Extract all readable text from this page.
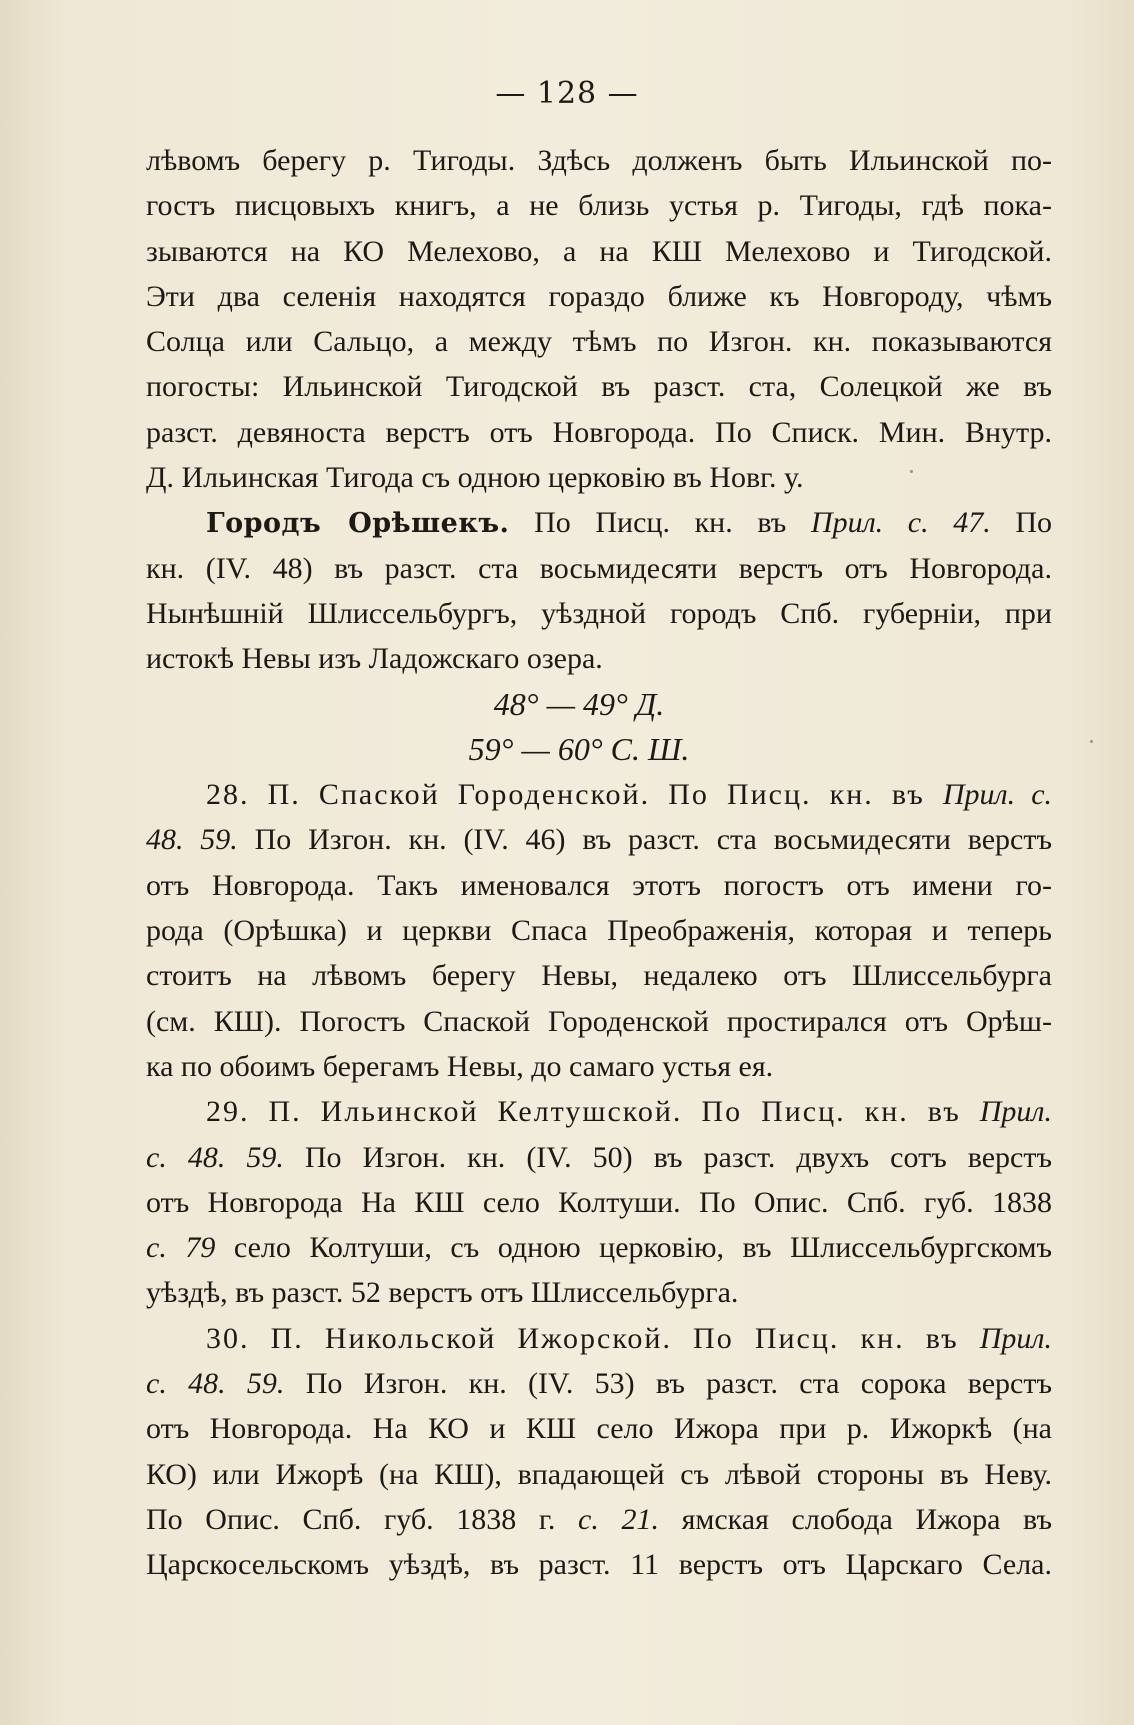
— 128 —
лѣвомъ берегу р. Тигоды. Здѣсь долженъ быть Ильинской по-
гостъ писцовыхъ книгъ, а не близь устья р. Тигоды, гдѣ пока-
зываются на КО Мелехово, а на КШ Мелехово и Тигодской.
Эти два селенія находятся гораздо ближе къ Новгороду, чѣмъ
Солца или Сальцо, а между тѣмъ по Изгон. кн. показываются
погосты: Ильинской Тигодской въ разст. ста, Солецкой же въ
разст. девяноста верстъ отъ Новгорода. По Списк. Мин. Внутр.
Д. Ильинская Тигода съ одною церковію въ Новг. у.
Городъ Орѣшекъ. По Писц. кн. въ Прил. с. 47. По
кн. (IV. 48) въ разст. ста восьмидесяти верстъ отъ Новгорода.
Нынѣшній Шлиссельбургъ, уѣздной городъ Спб. губерніи, при
истокѣ Невы изъ Ладожскаго озера.
48° — 49° Д.
59° — 60° С. Ш.
28. П. Спаской Городенской. По Писц. кн. въ Прил. с.
48. 59. По Изгон. кн. (IV. 46) въ разст. ста восьмидесяти верстъ
отъ Новгорода. Такъ именовался этотъ погостъ отъ имени го-
рода (Орѣшка) и церкви Спаса Преображенія, которая и теперь
стоитъ на лѣвомъ берегу Невы, недалеко отъ Шлиссельбурга
(см. КШ). Погостъ Спаской Городенской простирался отъ Орѣш-
ка по обоимъ берегамъ Невы, до самаго устья ея.
29. П. Ильинской Келтушской. По Писц. кн. въ Прил.
с. 48. 59. По Изгон. кн. (IV. 50) въ разст. двухъ сотъ верстъ
отъ Новгорода На КШ село Колтуши. По Опис. Спб. губ. 1838
с. 79 село Колтуши, съ одною церковію, въ Шлиссельбургскомъ
уѣздѣ, въ разст. 52 верстъ отъ Шлиссельбурга.
30. П. Никольской Ижорской. По Писц. кн. въ Прил.
с. 48. 59. По Изгон. кн. (IV. 53) въ разст. ста сорока верстъ
отъ Новгорода. На КО и КШ село Ижора при р. Ижоркѣ (на
КО) или Ижорѣ (на КШ), впадающей съ лѣвой стороны въ Неву.
По Опис. Спб. губ. 1838 г. с. 21. ямская слобода Ижора въ
Царскосельскомъ уѣздѣ, въ разст. 11 верстъ отъ Царскаго Села.
